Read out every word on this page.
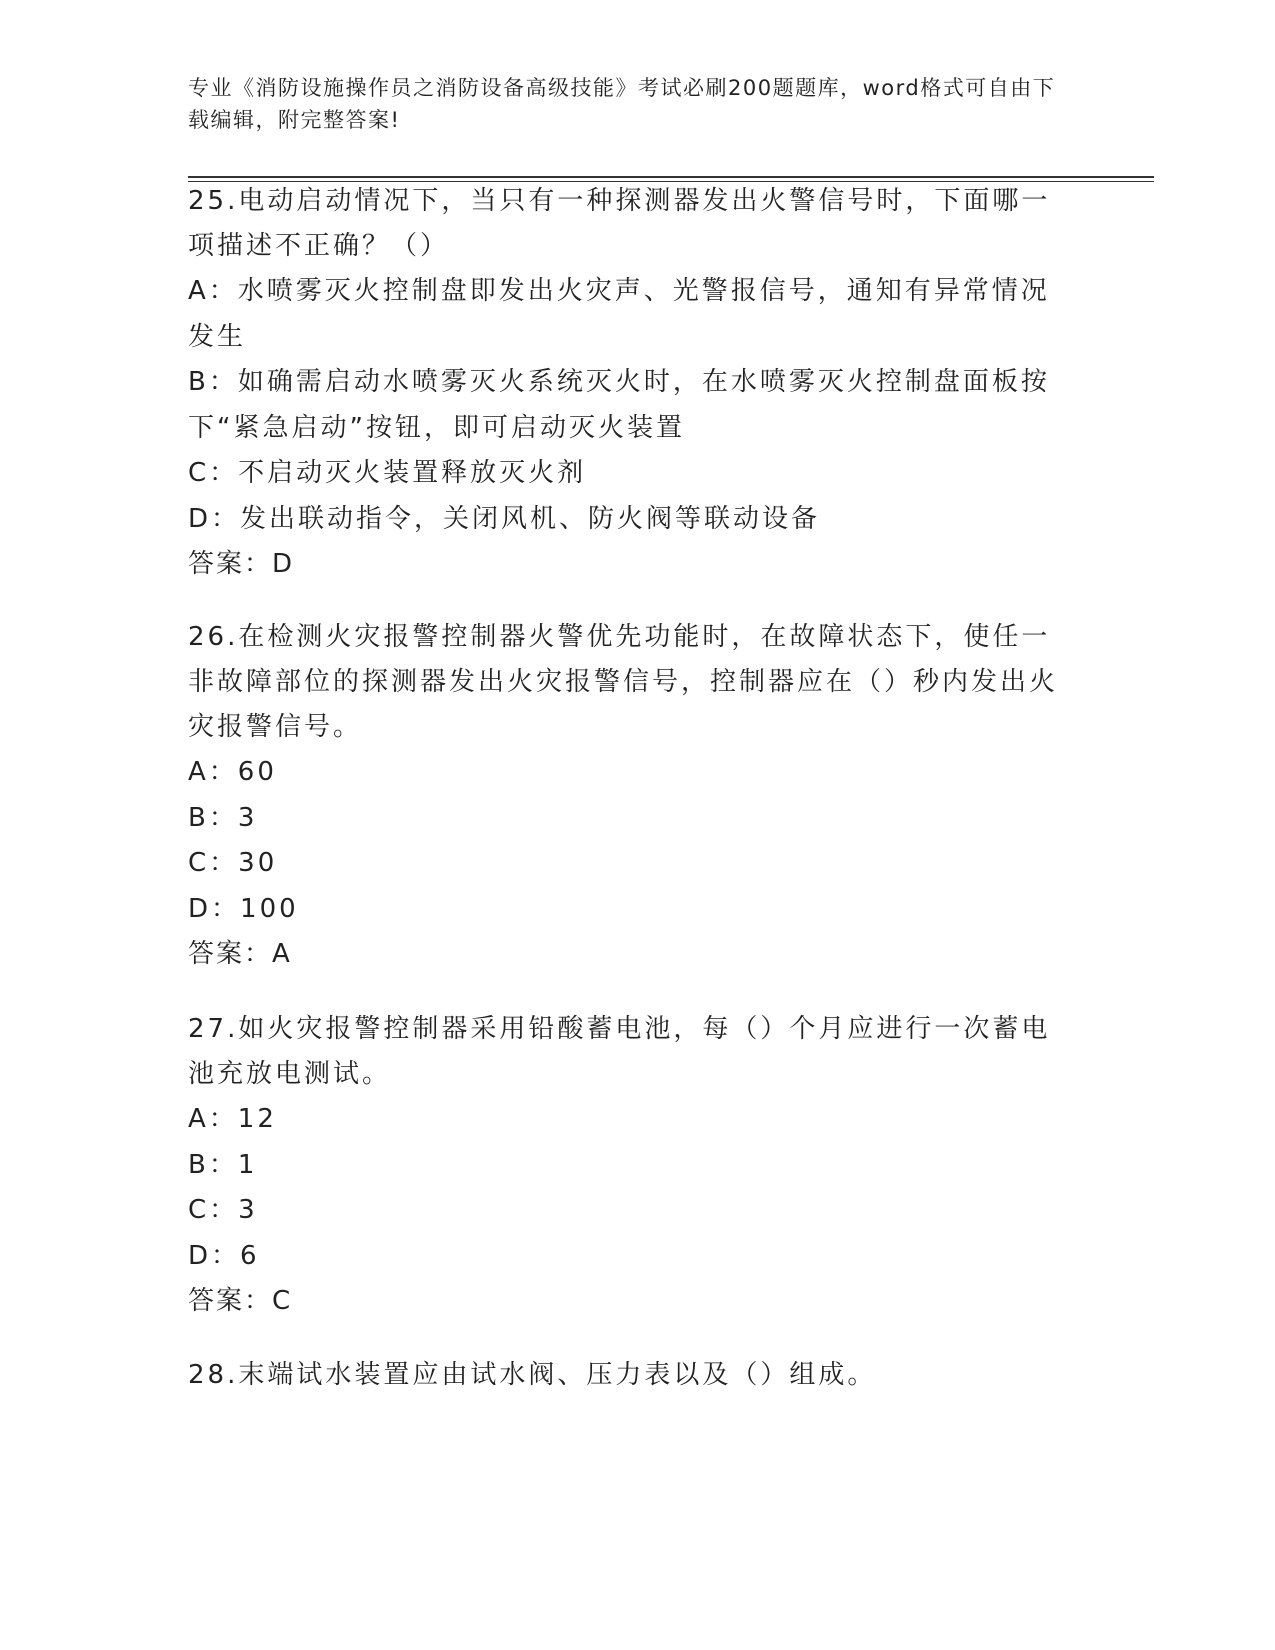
专业《消防设施操作员之消防设备高级技能》考试必刷200题题库，word格式可自由下载编辑，附完整答案!
25.电动启动情况下，当只有一种探测器发出火警信号时，下面哪一项描述不正确？（）
A：水喷雾灭火控制盘即发出火灾声、光警报信号，通知有异常情况发生
B：如确需启动水喷雾灭火系统灭火时，在水喷雾灭火控制盘面板按下“紧急启动”按钮，即可启动灭火装置
C：不启动灭火装置释放灭火剂
D：发出联动指令，关闭风机、防火阀等联动设备
答案：D
26.在检测火灾报警控制器火警优先功能时，在故障状态下，使任一非故障部位的探测器发出火灾报警信号，控制器应在（）秒内发出火灾报警信号。
A：60
B：3
C：30
D：100
答案：A
27.如火灾报警控制器采用铅酸蓄电池，每（）个月应进行一次蓄电池充放电测试。
A：12
B：1
C：3
D：6
答案：C
28.末端试水装置应由试水阀、压力表以及（）组成。
